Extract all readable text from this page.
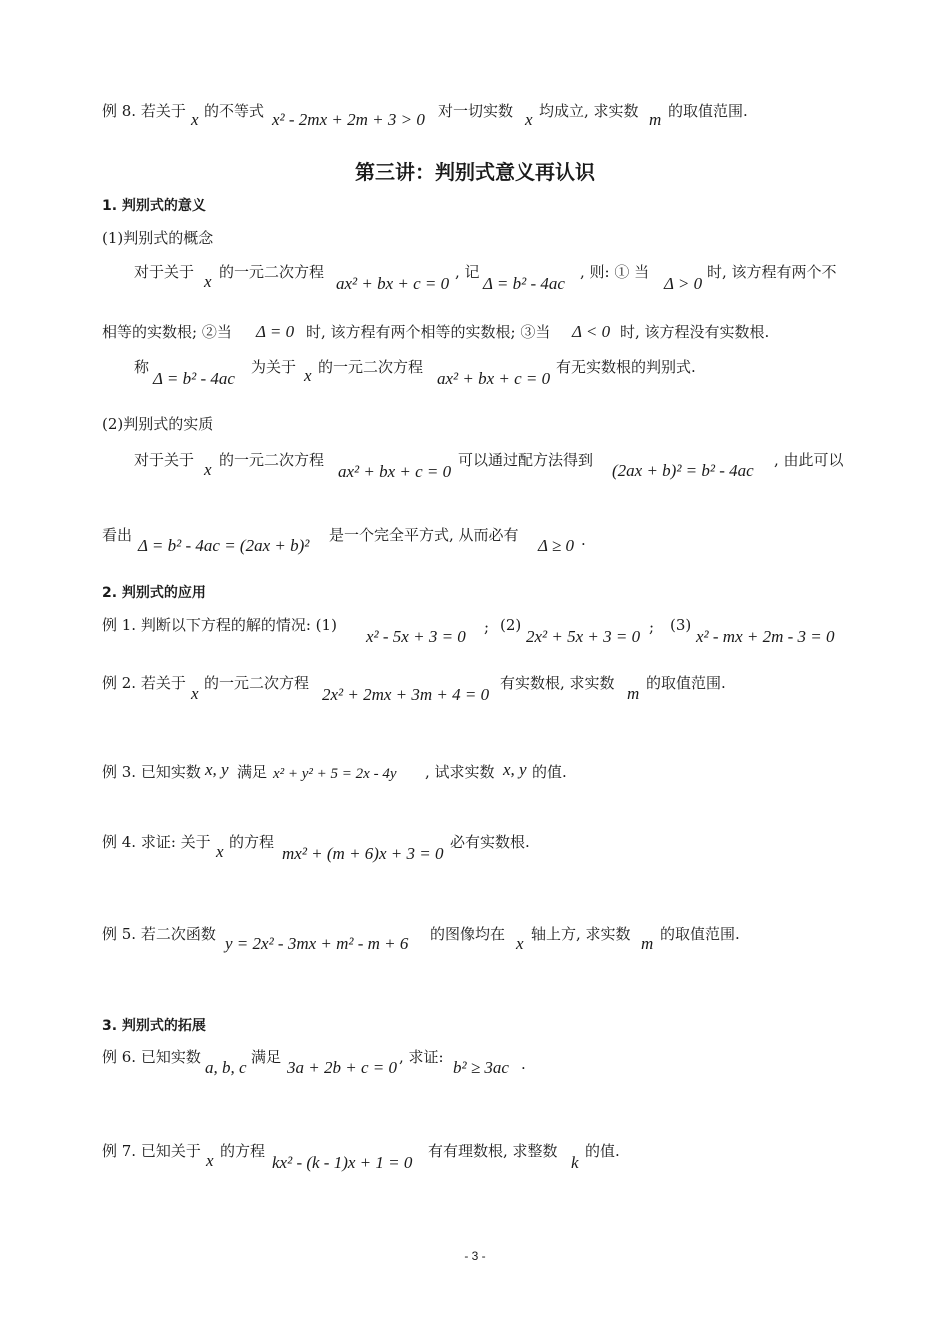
例 8. 若关于 x 的不等式 x² - 2mx + 2m + 3 > 0 对一切实数 x 均成立, 求实数 m 的取值范围.
第三讲：判别式意义再认识
1. 判别式的意义
(1)判别式的概念
对于关于 x 的一元二次方程
ax² + bx + c = 0
, 记
Δ = b² - 4ac
, 则: ① 当
Δ > 0
时, 该方程有两个不
相等的实数根; ②当 Δ = 0 时, 该方程有两个相等的实数根; ③当 Δ < 0 时, 该方程没有实数根.
称
Δ = b² - 4ac
为关于 x 的一元二次方程
ax² + bx + c = 0
有无实数根的判别式.
(2)判别式的实质
对于关于 x 的一元二次方程
ax² + bx + c = 0
可以通过配方法得到
(2ax + b)² = b² - 4ac
, 由此可以
看出
Δ = b² - 4ac = (2ax + b)²
是一个完全平方式, 从而必有
Δ ≥ 0 .
2. 判别式的应用
例 1. 判断以下方程的解的情况: (1)
x² - 5x + 3 = 0 ; (2)
2x² + 5x + 3 = 0 ; (3)
x² - mx + 2m - 3 = 0
例 2. 若关于
x
的一元二次方程
2x² + 2mx + 3m + 4 = 0
有实数根, 求实数
m
的取值范围.
例 3. 已知实数 x, y 满足 x² + y² + 5 = 2x - 4y , 试求实数 x, y 的值.
例 4. 求证: 关于 x 的方程
mx² + (m + 6)x + 3 = 0
必有实数根.
例 5. 若二次函数 y = 2x² - 3mx + m² - m + 6 的图像均在 x 轴上方, 求实数 m 的取值范围.
3. 判别式的拓展
例 6. 已知实数
a, b, c
满足
3a + 2b + c = 0
, 求证:
b² ≥ 3ac .
例 7. 已知关于 x 的方程
kx² - (k - 1)x + 1 = 0
有有理数根, 求整数
k
的值.
- 3 -
